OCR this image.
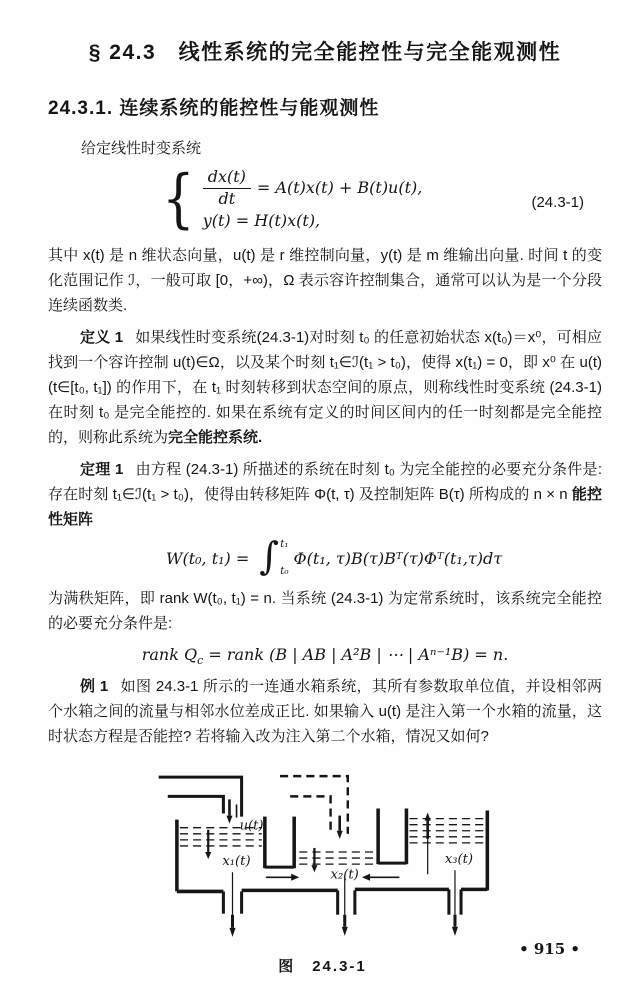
§ 24.3　线性系统的完全能控性与完全能观测性
24.3.1. 连续系统的能控性与能观测性
给定线性时变系统
{ $\frac{dx(t)}{dt} = A(t)x(t) + B(t)u(t)$,
y(t) = H(t)x(t),
(24.3-1)

其中 x(t) 是 n 维状态向量，u(t) 是 r 维控制向量，y(t) 是 m 维输出向量. 时间 t 的变化范围记作 ℐ，一般可取 [0，+∞)，Ω 表示容许控制集合，通常可以认为是一个分段连续函数类.

定义 1 如果线性时变系统(24.3-1)对时刻 t₀ 的任意初始状态 x(t₀)＝x⁰，可相应找到一个容许控制 u(t)∈Ω，以及某个时刻 t₁∈ℐ(t₁ > t₀)，使得 x(t₁) = 0，即 x⁰ 在 u(t)(t∈[t₀, t₁]) 的作用下，在 t₁ 时刻转移到状态空间的原点，则称线性时变系统 (24.3-1) 在时刻 t₀ 是完全能控的. 如果在系统有定义的时间区间内的任一时刻都是完全能控的，则称此系统为完全能控系统.

定理 1 由方程 (24.3-1) 所描述的系统在时刻 t₀ 为完全能控的必要充分条件是: 存在时刻 t₁∈ℐ(t₁ > t₀)，使得由转移矩阵 Φ(t, τ) 及控制矩阵 B(τ) 所构成的 n × n 能控性矩阵

W(t₀, t₁) = ∫ t₁
t₀
Φ(t₁, τ)B(τ)Bᵀ(τ)Φᵀ(t₁,τ)dτ

为满秩矩阵，即 rank W(t₀, t₁) = n. 当系统 (24.3-1) 为定常系统时，该系统完全能控的必要充分条件是:

rank $Q_c$ = rank (B | AB | A²B | ⋯ | Aⁿ⁻¹B) = n.

例 1 如图 24.3-1 所示的一连通水箱系统，其所有参数取单位值，并设相邻两个水箱之间的流量与相邻水位差成正比. 如果输入 u(t) 是注入第一个水箱的流量，这时状态方程是否能控? 若将输入改为注入第二个水箱，情况又如何?

u(t)
x₁(t)
x₂(t)
x₃(t)
图　24.3-1
• 915 •
